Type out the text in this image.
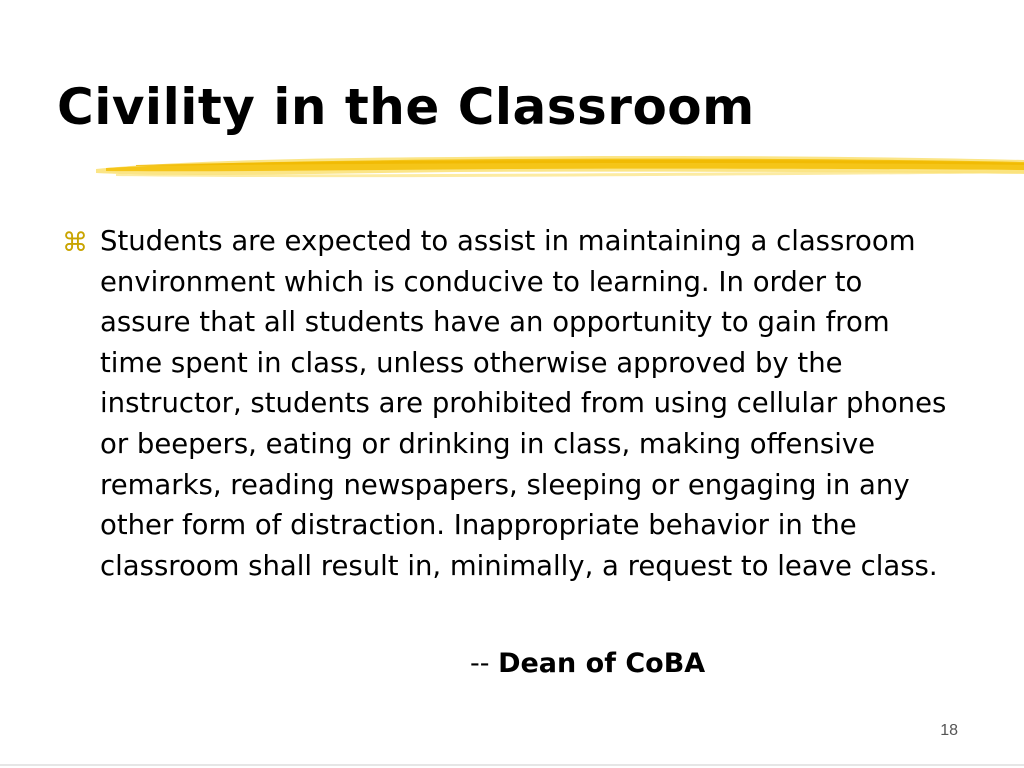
Civility in the Classroom
⌘ Students are expected to assist in maintaining a classroom environment which is conducive to learning. In order to assure that all students have an opportunity to gain from time spent in class, unless otherwise approved by the instructor, students are prohibited from using cellular phones or beepers, eating or drinking in class, making offensive remarks, reading newspapers, sleeping or engaging in any other form of distraction. Inappropriate behavior in the classroom shall result in, minimally, a request to leave class.

-- Dean of CoBA
18
